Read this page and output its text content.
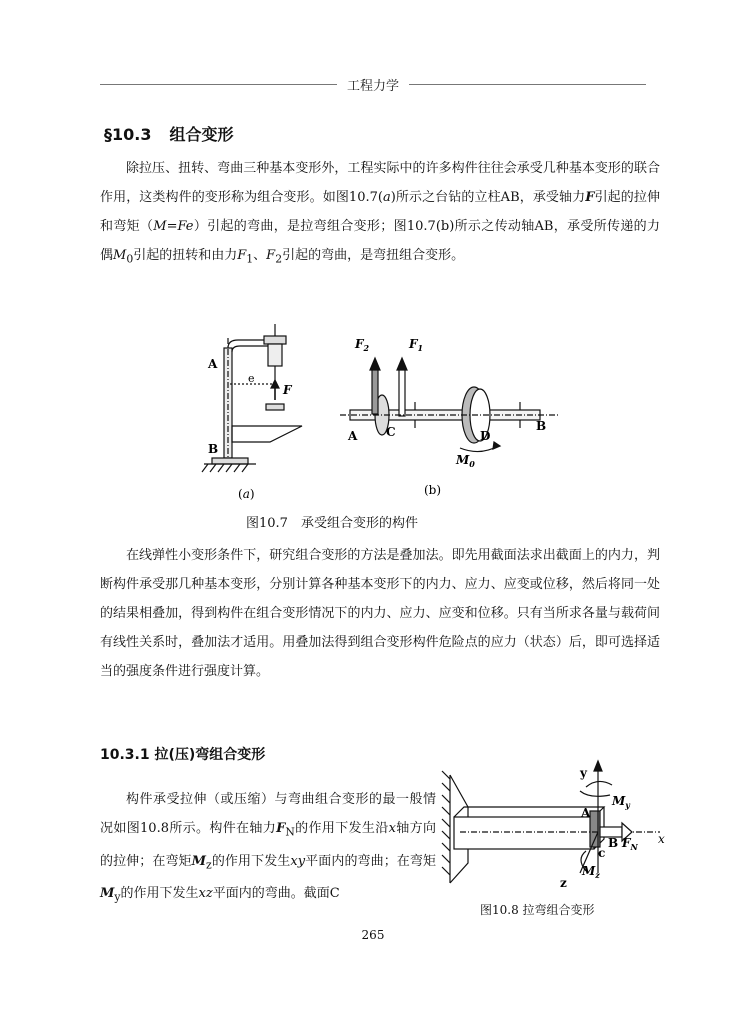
工程力学
§10.3 组合变形

除拉压、扭转、弯曲三种基本变形外，工程实际中的许多构件往往会承受几种基本变形的联合作用，这类构件的变形称为组合变形。如图10.7(a)所示之台钻的立柱AB，承受轴力F引起的拉伸和弯矩（M=Fe）引起的弯曲，是拉弯组合变形；图10.7(b)所示之传动轴AB，承受所传递的力偶$M_0$引起的扭转和由力$F_1$、$F_2$引起的弯曲，是弯扭组合变形。

A
e
F
B
(a)
$F_2$	$F_1$
A C	D
B
$M_0$
(b)
图10.7　承受组合变形的构件

在线弹性小变形条件下，研究组合变形的方法是叠加法。即先用截面法求出截面上的内力，判断构件承受那几种基本变形，分别计算各种基本变形下的内力、应力、应变或位移，然后将同一处的结果相叠加，得到构件在组合变形情况下的内力、应力、应变和位移。只有当所求各量与载荷间有线性关系时，叠加法才适用。用叠加法得到组合变形构件危险点的应力（状态）后，即可选择适当的强度条件进行强度计算。

10.3.1 拉(压)弯组合变形

构件承受拉伸（或压缩）与弯曲组合变形的最一般情况如图10.8所示。构件在轴力$F_N$的作用下发生沿x轴方向的拉伸；在弯矩$M_z$的作用下发生xy平面内的弯曲；在弯矩$M_y$的作用下发生xz平面内的弯曲。截面C

y
$M_y$
A
B $F_N$
x
c
$M_z$
z
图10.8 拉弯组合变形
265
